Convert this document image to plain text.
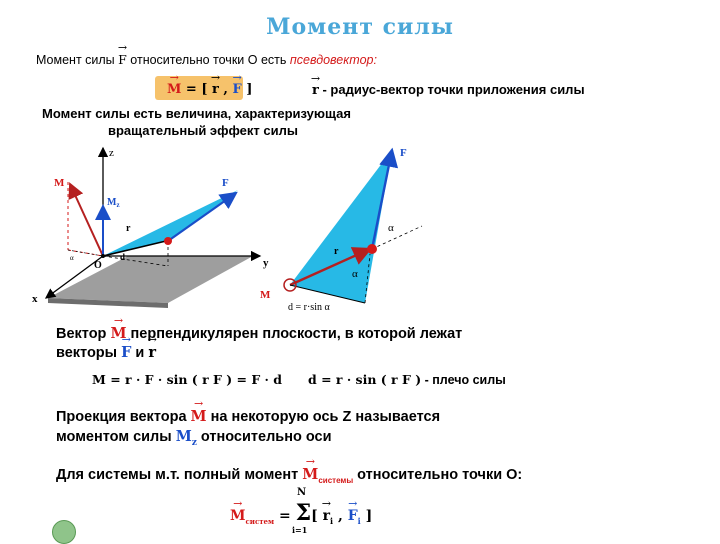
Момент силы
Момент силы → F относительно точки О есть псевдовектор:
→ M = [ → r , → F ]
→	r - радиус-вектор точки приложения силы
Момент силы есть величина, характеризующая
вращательный эффект силы
z
y
x
O
d
M
$M_z$
r
F
α
F
r
α
α
M
d = r·sin α
Вектор → M перпендикулярен плоскости, в которой лежат
векторы → F и → r
M = r · F · sin ( r F ) = F · d d = r · sin ( r F ) - плечо силы
Проекция вектора → M на некоторую ось Z называется
моментом силы $M_z$ относительно оси
Для системы м.т. полный момент → $M_{системы}$ относительно точки О:
→ $M_{систем} = \Sigma[ \to r_i$ , → $F_i$ ]
N
i=1
